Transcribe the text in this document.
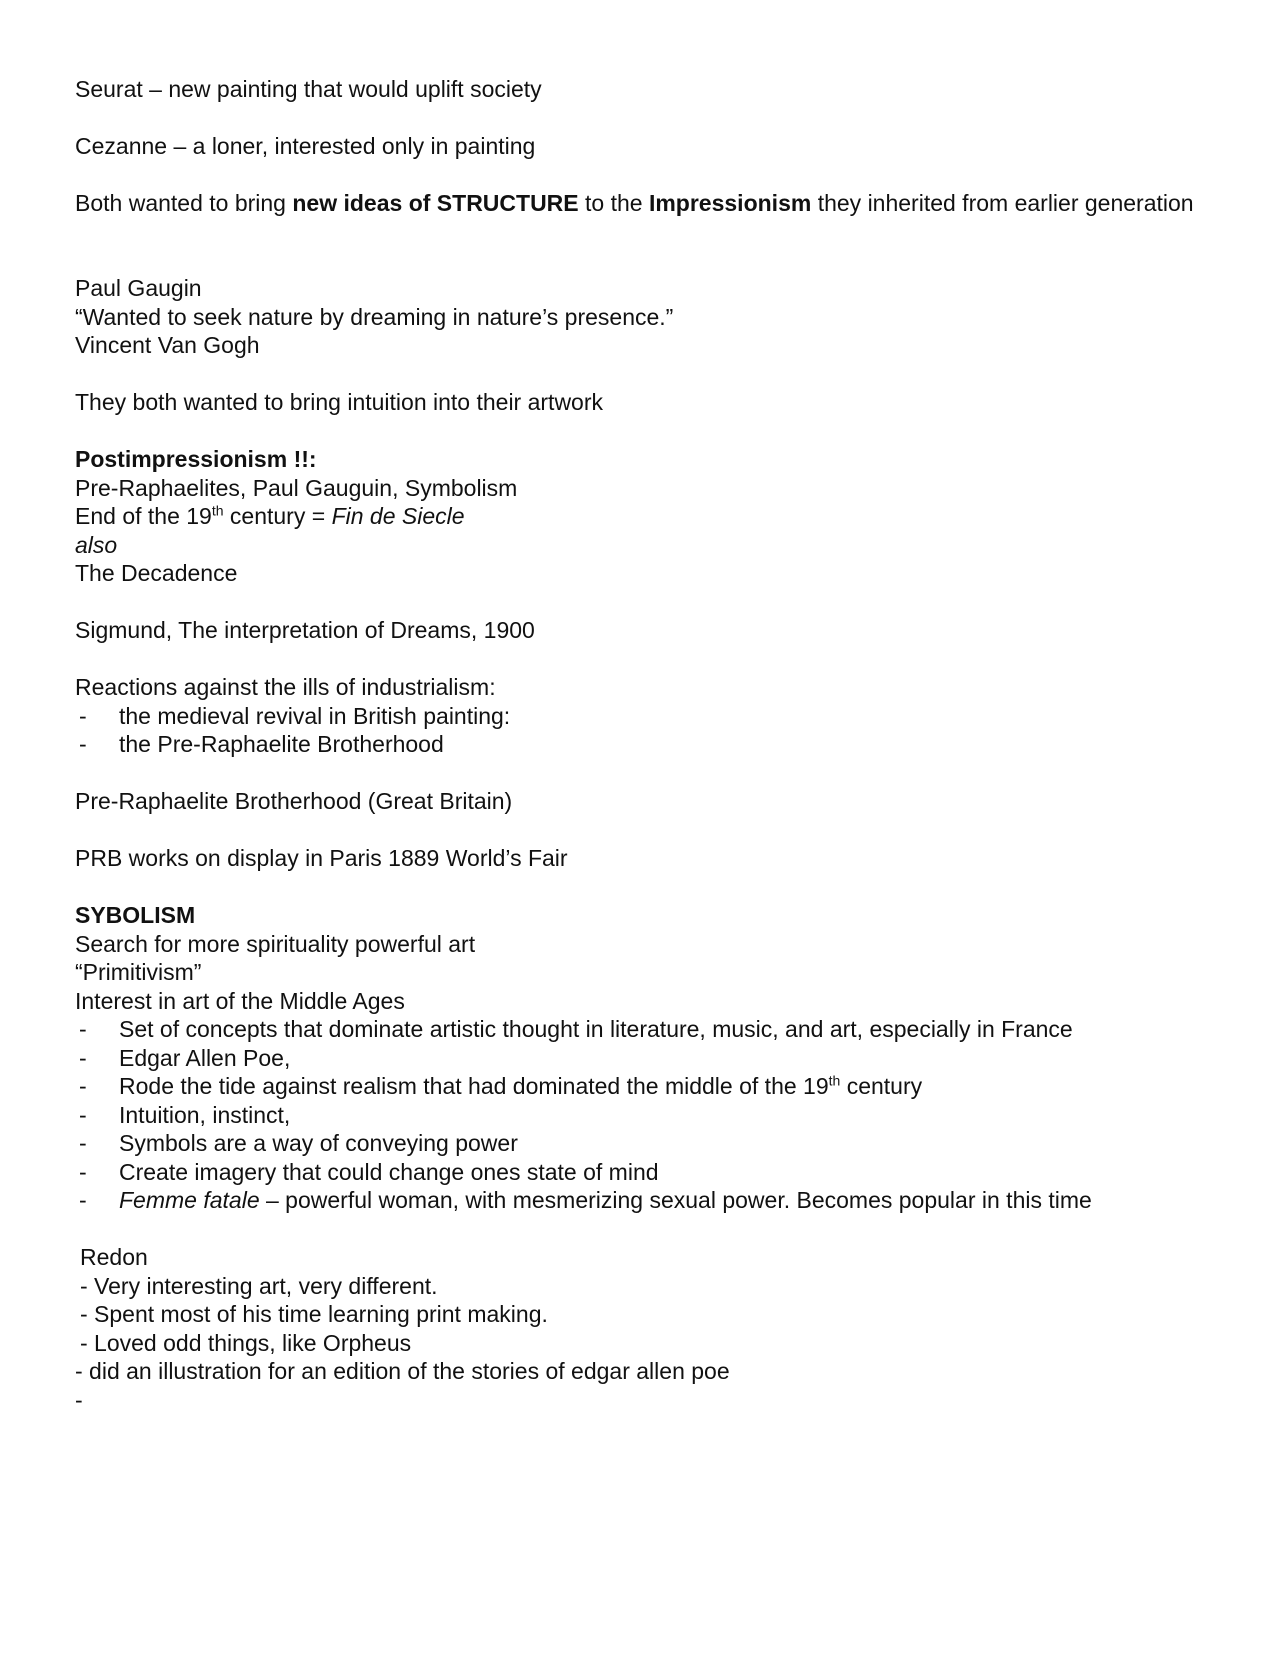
Seurat – new painting that would uplift society

Cezanne – a loner, interested only in painting

Both wanted to bring new ideas of STRUCTURE to the Impressionism they inherited from earlier generation

Paul Gaugin

“Wanted to seek nature by dreaming in nature’s presence.”

Vincent Van Gogh

They both wanted to bring intuition into their artwork

Postimpressionism !!:

Pre-Raphaelites, Paul Gauguin, Symbolism

End of the 19th century = Fin de Siecle

also

The Decadence

Sigmund, The interpretation of Dreams, 1900

Reactions against the ills of industrialism:

- the medieval revival in British painting:
- the Pre-Raphaelite Brotherhood

Pre-Raphaelite Brotherhood (Great Britain)

PRB works on display in Paris 1889 World’s Fair

SYBOLISM

Search for more spirituality powerful art

“Primitivism”

Interest in art of the Middle Ages

- Set of concepts that dominate artistic thought in literature, music, and art, especially in France
- Edgar Allen Poe,
- Rode the tide against realism that had dominated the middle of the 19th century
- Intuition, instinct,
- Symbols are a way of conveying power
- Create imagery that could change ones state of mind
- Femme fatale – powerful woman, with mesmerizing sexual power. Becomes popular in this time

Redon

- Very interesting art, very different.

- Spent most of his time learning print making.

- Loved odd things, like Orpheus

- did an illustration for an edition of the stories of edgar allen poe

-
